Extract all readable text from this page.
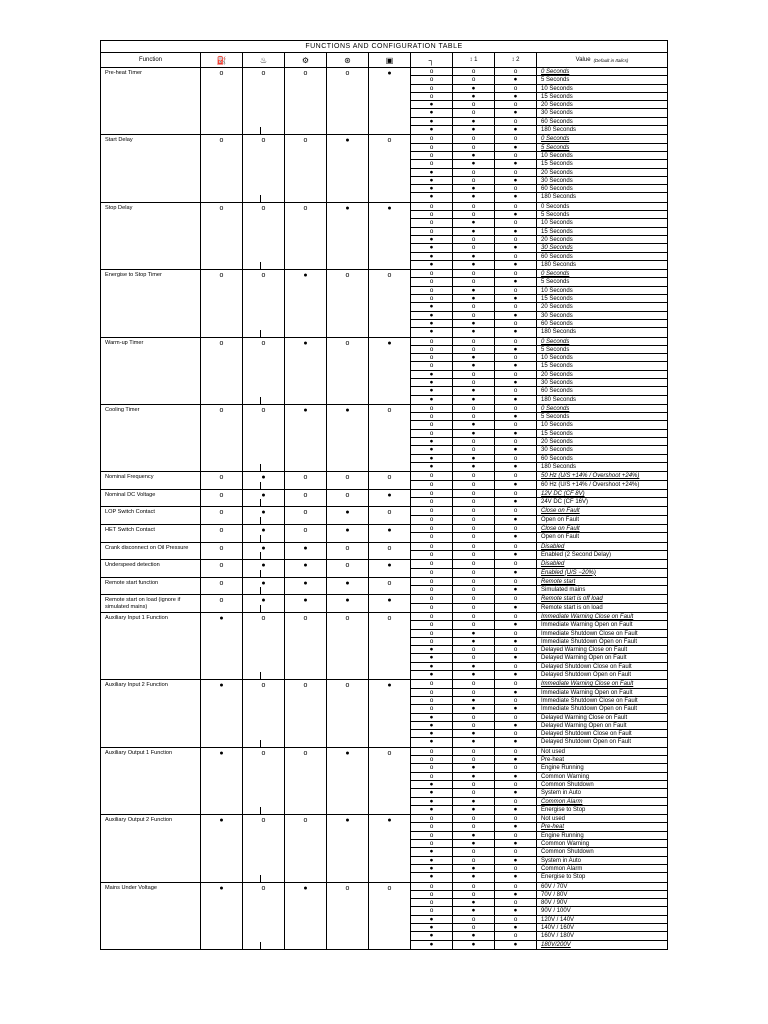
FUNCTIONS AND CONFIGURATION TABLE
Function	⛽	♨	⚙	⊛	▣	┐	↕ 1	↕ 2	Value (Default in Italics)
Pre-heat Timer	o	o	o	o	●	o	o	o	0 Seconds
o	o	●	5 Seconds
o	●	o	10 Seconds
o	●	●	15 Seconds
●	o	o	20 Seconds
●	o	●	30 Seconds
●	●	o	60 Seconds
●	●	●	180 Seconds
Start Delay	o	o	o	●	o	o	o	o	0 Seconds
o	o	●	5 Seconds
o	●	o	10 Seconds
o	●	●	15 Seconds
●	o	o	20 Seconds
●	o	●	30 Seconds
●	●	o	60 Seconds
●	●	●	180 Seconds
Stop Delay	o	o	o	●	●	o	o	o	0 Seconds
o	o	●	5 Seconds
o	●	o	10 Seconds
o	●	●	15 Seconds
●	o	o	20 Seconds
●	o	●	30 Seconds
●	●	o	60 Seconds
●	●	●	180 Seconds
Energise to Stop Timer	o	o	●	o	o	o	o	o	0 Seconds
o	o	●	5 Seconds
o	●	o	10 Seconds
o	●	●	15 Seconds
●	o	o	20 Seconds
●	o	●	30 Seconds
●	●	o	60 Seconds
●	●	●	180 Seconds
Warm-up Timer	o	o	●	o	●	o	o	o	0 Seconds
o	o	●	5 Seconds
o	●	o	10 Seconds
o	●	●	15 Seconds
●	o	o	20 Seconds
●	o	●	30 Seconds
●	●	o	60 Seconds
●	●	●	180 Seconds
Cooling Timer	o	o	●	●	o	o	o	o	0 Seconds
o	o	●	5 Seconds
o	●	o	10 Seconds
o	●	●	15 Seconds
●	o	o	20 Seconds
●	o	●	30 Seconds
●	●	o	60 Seconds
●	●	●	180 Seconds
Nominal Frequency	o	●	o	o	o	o	o	o	50 Hz (U/S +14% / Overshoot +24%)
o	o	●	60 Hz (U/S +14% / Overshoot +24%)
Nominal DC Voltage	o	●	o	o	●	o	o	o	12V DC (CF 8V)
o	o	●	24V DC (CF 16V)
LOP Switch Contact	o	●	o	●	o	o	o	o	Close on Fault
o	o	●	Open on Fault
HET Switch Contact	o	●	o	●	●	o	o	o	Close on Fault
o	o	●	Open on Fault
Crank disconnect on Oil Pressure	o	●	●	o	o	o	o	o	Disabled
o	o	●	Enabled (2 Second Delay)
Underspeed detection	o	●	●	o	●	o	o	o	Disabled
o	o	●	Enabled (U/S −20%)
Remote start function	o	●	●	●	o	o	o	o	Remote start
o	o	●	Simulated mains
Remote start on load (ignore if simulated mains)
o	●	●	●	●	o	o	o	Remote start is off load
o	o	●	Remote start is on load
Auxiliary Input 1 Function	●	o	o	o	o	o	o	o	Immediate Warning Close on Fault
o	o	●	Immediate Warning Open on Fault
o	●	o	Immediate Shutdown Close on Fault
o	●	●	Immediate Shutdown Open on Fault
●	o	o	Delayed Warning Close on Fault
●	o	●	Delayed Warning Open on Fault
●	●	o	Delayed Shutdown Close on Fault
●	●	●	Delayed Shutdown Open on Fault
Auxiliary Input 2 Function	●	o	o	o	●	o	o	o	Immediate Warning Close on Fault
o	o	●	Immediate Warning Open on Fault
o	●	o	Immediate Shutdown Close on Fault
o	●	●	Immediate Shutdown Open on Fault
●	o	o	Delayed Warning Close on Fault
●	o	●	Delayed Warning Open on Fault
●	●	o	Delayed Shutdown Close on Fault
●	●	●	Delayed Shutdown Open on Fault
Auxiliary Output 1 Function	●	o	o	●	o	o	o	o	Not used
o	o	●	Pre-heat
o	●	o	Engine Running
o	●	●	Common Warning
●	o	o	Common Shutdown
●	o	●	System in Auto
●	●	o	Common Alarm
●	●	●	Energise to Stop
Auxiliary Output 2 Function	●	o	o	●	●	o	o	o	Not used
o	o	●	Pre-heat
o	●	o	Engine Running
o	●	●	Common Warning
●	o	o	Common Shutdown
●	o	●	System in Auto
●	●	o	Common Alarm
●	●	●	Energise to Stop
Mains Under Voltage	●	o	●	o	o	o	o	o	60V / 70V
o	o	●	70V / 80V
o	●	o	80V / 90V
o	●	●	90V / 100V
●	o	o	120V / 140V
●	o	●	140V / 160V
●	●	o	160V / 180V
●	●	●	180V/200V
